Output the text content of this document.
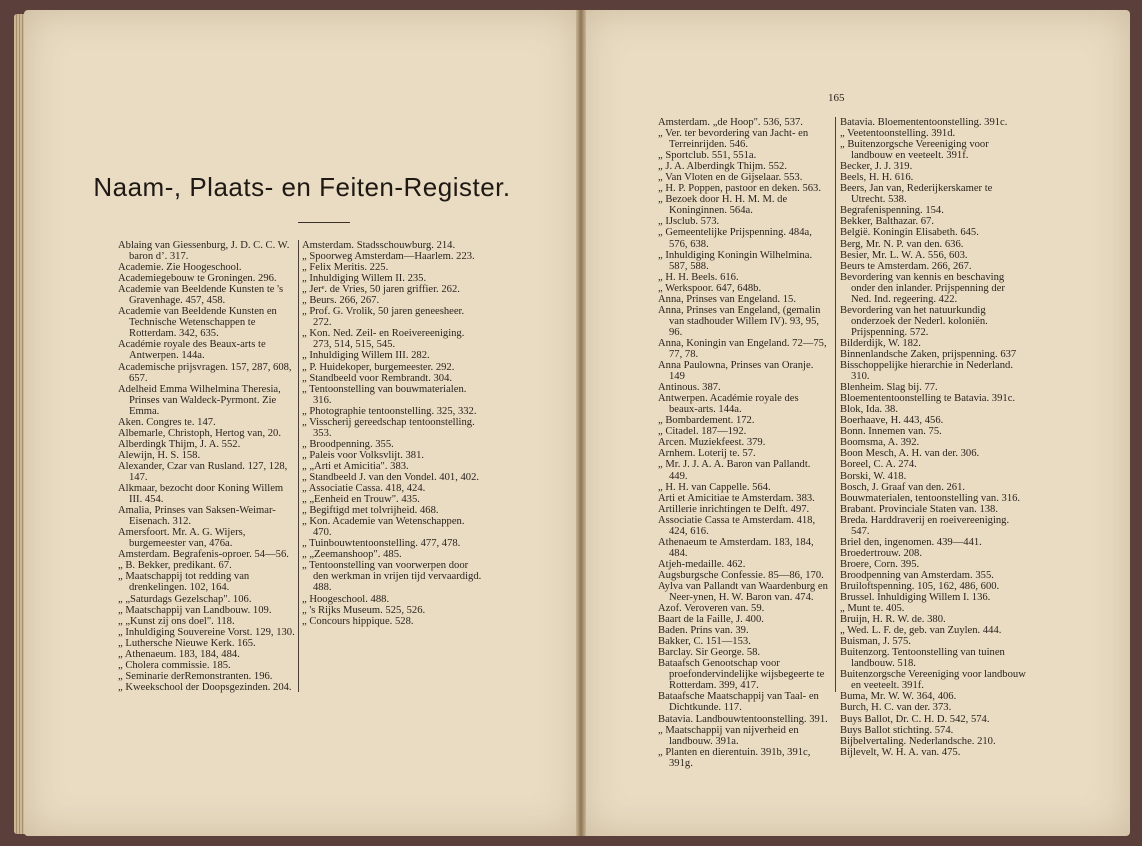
Naam-, Plaats- en Feiten-Register.
Ablaing van Giessenburg, J. D. C. C. W. baron dʼ. 317.
Academie. Zie Hoogeschool.
Academiegebouw te Groningen. 296.
Academie van Beeldende Kunsten te 's Gravenhage. 457, 458.
Academie van Beeldende Kunsten en Technische Wetenschappen te Rotterdam. 342, 635.
Académie royale des Beaux-arts te Antwerpen. 144a.
Academische prijsvragen. 157, 287, 608, 657.
Adelheid Emma Wilhelmina Theresia, Prinses van Waldeck-Pyrmont. Zie Emma.
Aken. Congres te. 147.
Albemarle, Christoph, Hertog van, 20.
Alberdingk Thijm, J. A. 552.
Alewijn, H. S. 158.
Alexander, Czar van Rusland. 127, 128, 147.
Alkmaar, bezocht door Koning Willem III. 454.
Amalia, Prinses van Saksen-Weimar-Eisenach. 312.
Amersfoort. Mr. A. G. Wijers, burgemeester van, 476a.
Amsterdam. Begrafenis-oproer. 54—56.
„ B. Bekker, predikant. 67.
„ Maatschappij tot redding van drenkelingen. 102, 164.
„ „Saturdags Gezelschap". 106.
„ Maatschappij van Landbouw. 109.
„ „Kunst zij ons doel". 118.
„ Inhuldiging Souvereine Vorst. 129, 130.
„ Luthersche Nieuwe Kerk. 165.
„ Athenaeum. 183, 184, 484.
„ Cholera commissie. 185.
„ Seminarie derRemonstranten. 196.
„ Kweekschool der Doopsgezinden. 204.
Amsterdam. Stadsschouwburg. 214.
„ Spoorweg Amsterdam—Haarlem. 223.
„ Felix Meritis. 225.
„ Inhuldiging Willem II. 235.
„ Jerᵉ. de Vries, 50 jaren griffier. 262.
„ Beurs. 266, 267.
„ Prof. G. Vrolik, 50 jaren geneesheer. 272.
„ Kon. Ned. Zeil- en Roeivereeniging. 273, 514, 515, 545.
„ Inhuldiging Willem III. 282.
„ P. Huidekoper, burgemeester. 292.
„ Standbeeld voor Rembrandt. 304.
„ Tentoonstelling van bouwmaterialen. 316.
„ Photographie tentoonstelling. 325, 332.
„ Visscherij gereedschap tentoonstelling. 353.
„ Broodpenning. 355.
„ Paleis voor Volksvlijt. 381.
„ „Arti et Amicitia". 383.
„ Standbeeld J. van den Vondel. 401, 402.
„ Associatie Cassa. 418, 424.
„ „Eenheid en Trouw". 435.
„ Begiftigd met tolvrijheid. 468.
„ Kon. Academie van Wetenschappen. 470.
„ Tuinbouwtentoonstelling. 477, 478.
„ „Zeemanshoop". 485.
„ Tentoonstelling van voorwerpen door den werkman in vrijen tijd vervaardigd. 488.
„ Hoogeschool. 488.
„ 's Rijks Museum. 525, 526.
„ Concours hippique. 528.
165
Amsterdam. „de Hoop". 536, 537.
„ Ver. ter bevordering van Jacht- en Terreinrijden. 546.
„ Sportclub. 551, 551a.
„ J. A. Alberdingk Thijm. 552.
„ Van Vloten en de Gijselaar. 553.
„ H. P. Poppen, pastoor en deken. 563.
„ Bezoek door H. H. M. M. de Koninginnen. 564a.
„ IJsclub. 573.
„ Gemeentelijke Prijspenning. 484a, 576, 638.
„ Inhuldiging Koningin Wilhelmina. 587, 588.
„ H. H. Beels. 616.
„ Werkspoor. 647, 648b.
Anna, Prinses van Engeland. 15.
Anna, Prinses van Engeland, (gemalin van stadhouder Willem IV). 93, 95, 96.
Anna, Koningin van Engeland. 72—75, 77, 78.
Anna Paulowna, Prinses van Oranje. 149
Antinous. 387.
Antwerpen. Académie royale des beaux-arts. 144a.
„ Bombardement. 172.
„ Citadel. 187—192.
Arcen. Muziekfeest. 379.
Arnhem. Loterij te. 57.
„ Mr. J. J. A. A. Baron van Pallandt. 449.
„ H. H. van Cappelle. 564.
Arti et Amicitiae te Amsterdam. 383.
Artillerie inrichtingen te Delft. 497.
Associatie Cassa te Amsterdam. 418, 424, 616.
Athenaeum te Amsterdam. 183, 184, 484.
Atjeh-medaille. 462.
Augsburgsche Confessie. 85—86, 170.
Aylva van Pallandt van Waardenburg en Neer-ynen, H. W. Baron van. 474.
Azof. Veroveren van. 59.
Baart de la Faille, J. 400.
Baden. Prins van. 39.
Bakker, C. 151—153.
Barclay. Sir George. 58.
Bataafsch Genootschap voor proefondervindelijke wijsbegeerte te Rotterdam. 399, 417.
Bataafsche Maatschappij van Taal- en Dichtkunde. 117.
Batavia. Landbouwtentoonstelling. 391.
„ Maatschappij van nijverheid en landbouw. 391a.
„ Planten en dierentuin. 391b, 391c, 391g.
Batavia. Bloemententoonstelling. 391c.
„ Veetentoonstelling. 391d.
„ Buitenzorgsche Vereeniging voor landbouw en veeteelt. 391f.
Becker, J. J. 319.
Beels, H. H. 616.
Beers, Jan van, Rederijkerskamer te Utrecht. 538.
Begrafenispenning. 154.
Bekker, Balthazar. 67.
België. Koningin Elisabeth. 645.
Berg, Mr. N. P. van den. 636.
Besier, Mr. L. W. A. 556, 603.
Beurs te Amsterdam. 266, 267.
Bevordering van kennis en beschaving onder den inlander. Prijspenning der Ned. Ind. regeering. 422.
Bevordering van het natuurkundig onderzoek der Nederl. koloniën. Prijspenning. 572.
Bilderdijk, W. 182.
Binnenlandsche Zaken, prijspenning. 637
Bisschoppelijke hierarchie in Nederland. 310.
Blenheim. Slag bij. 77.
Bloemententoonstelling te Batavia. 391c.
Blok, Ida. 38.
Boerhaave, H. 443, 456.
Bonn. Innemen van. 75.
Boomsma, A. 392.
Boon Mesch, A. H. van der. 306.
Boreel, C. A. 274.
Borski, W. 418.
Bosch, J. Graaf van den. 261.
Bouwmaterialen, tentoonstelling van. 316.
Brabant. Provinciale Staten van. 138.
Breda. Harddraverij en roeivereeniging. 547.
Briel den, ingenomen. 439—441.
Broedertrouw. 208.
Broere, Corn. 395.
Broodpenning van Amsterdam. 355.
Bruiloftspenning. 105, 162, 486, 600.
Brussel. Inhuldiging Willem I. 136.
„ Munt te. 405.
Bruijn, H. R. W. de. 380.
„ Wed. L. F. de, geb. van Zuylen. 444.
Buisman, J. 575.
Buitenzorg. Tentoonstelling van tuinen landbouw. 518.
Buitenzorgsche Vereeniging voor landbouw en veeteelt. 391f.
Buma, Mr. W. W. 364, 406.
Burch, H. C. van der. 373.
Buys Ballot, Dr. C. H. D. 542, 574.
Buys Ballot stichting. 574.
Bijbelvertaling. Nederlandsche. 210.
Bijlevelt, W. H. A. van. 475.
